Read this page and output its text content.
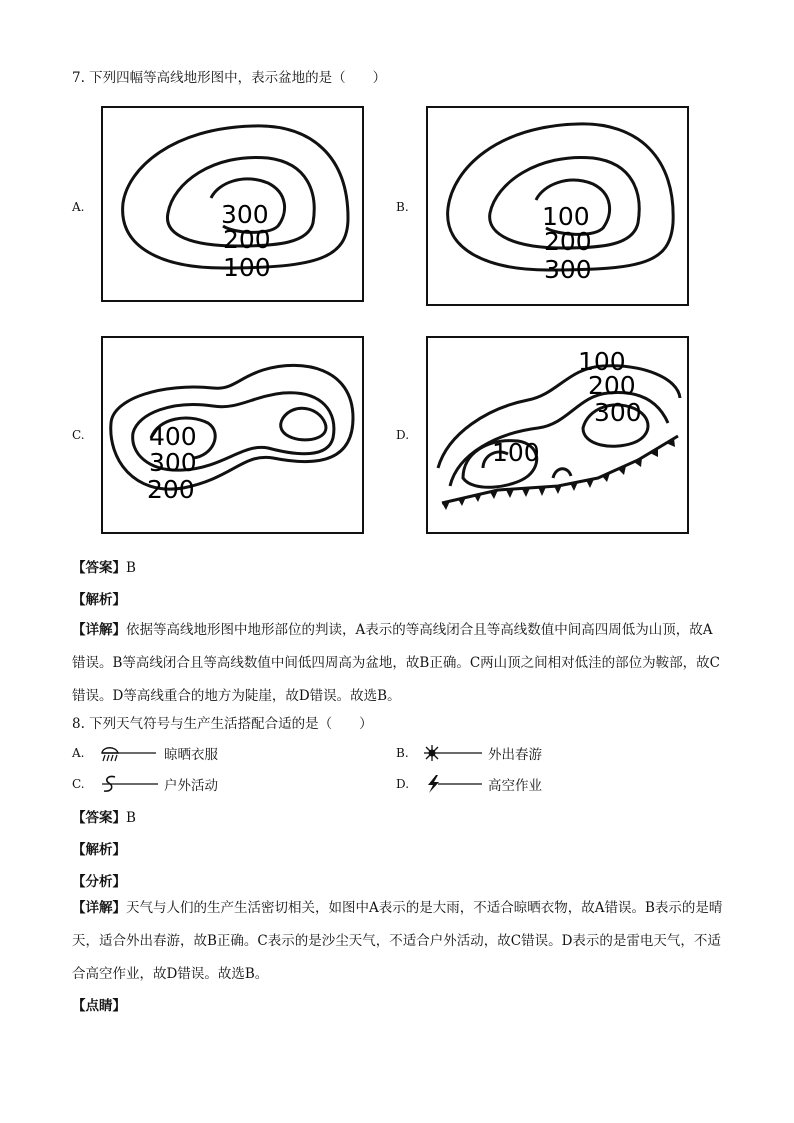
7. 下列四幅等高线地形图中，表示盆地的是（　　）
A.	300
200
100
B.	100
200
300
C.	400
300
200
D.
100
200
300
100
【答案】B
【解析】
【详解】依据等高线地形图中地形部位的判读，A表示的等高线闭合且等高线数值中间高四周低为山顶，故A错误。B等高线闭合且等高线数值中间低四周高为盆地，故B正确。C两山顶之间相对低洼的部位为鞍部，故C错误。D等高线重合的地方为陡崖，故D错误。故选B。
8. 下列天气符号与生产生活搭配合适的是（　　）
A.	晾晒衣服	B.	外出春游
C.	户外活动	D.	高空作业
【答案】B
【解析】
【分析】
【详解】天气与人们的生产生活密切相关，如图中A表示的是大雨，不适合晾晒衣物，故A错误。B表示的是晴天，适合外出春游，故B正确。C表示的是沙尘天气，不适合户外活动，故C错误。D表示的是雷电天气，不适合高空作业，故D错误。故选B。
【点睛】
